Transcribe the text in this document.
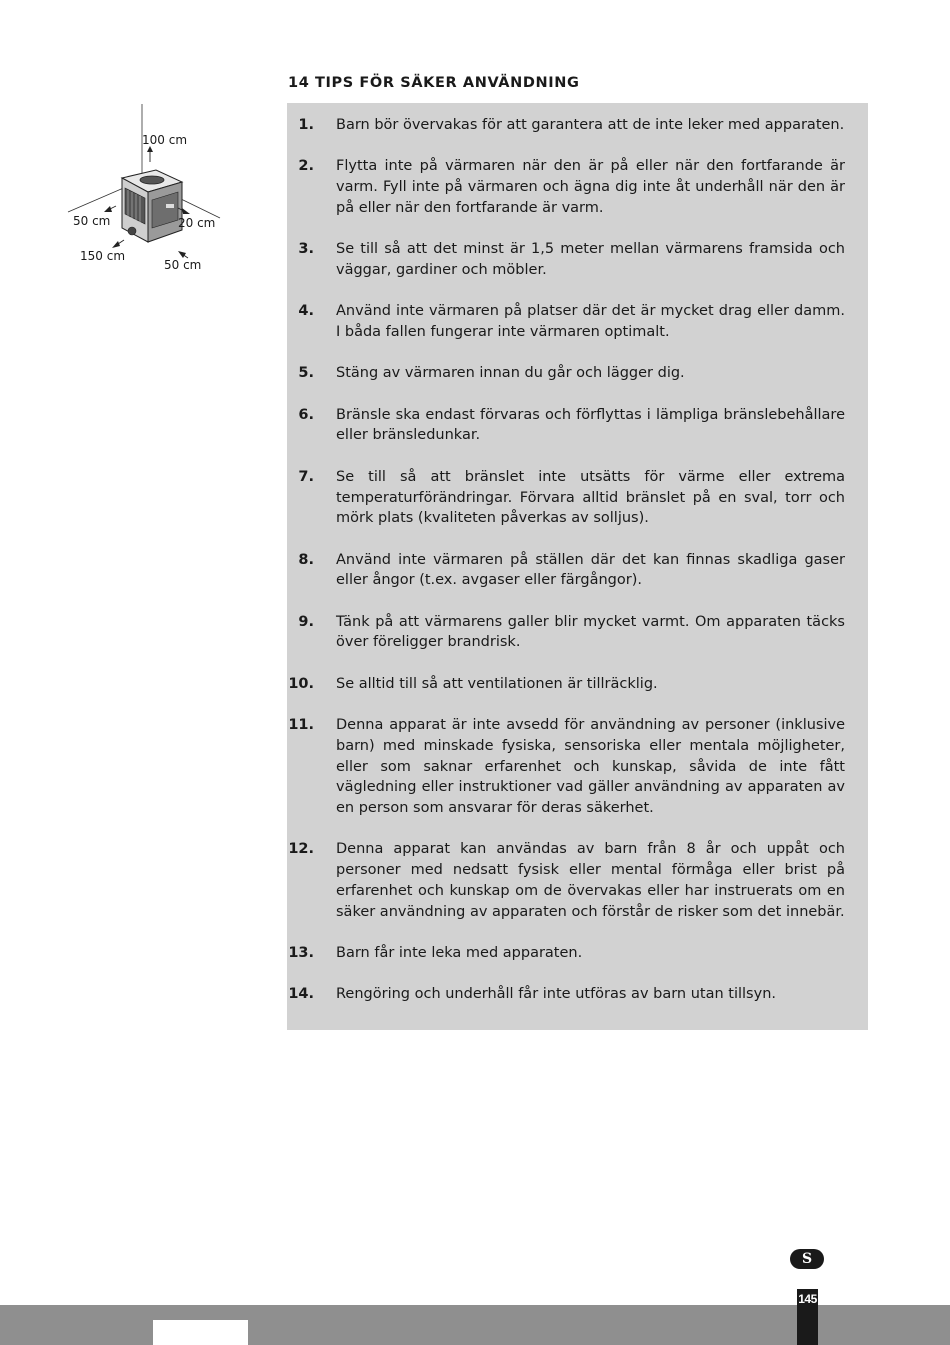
100 cm
50 cm	20 cm
150 cm
50 cm
14 TIPS FÖR SÄKER ANVÄNDNING
1. Barn bör övervakas för att garantera att de inte leker med apparaten.
2. Flytta inte på värmaren när den är på eller när den fortfarande är varm. Fyll inte på värmaren och ägna dig inte åt underhåll när den är på eller när den fortfarande är varm.
3. Se till så att det minst är 1,5 meter mellan värmarens framsida och väggar, gardiner och möbler.
4. Använd inte värmaren på platser där det är mycket drag eller damm. I båda fallen fungerar inte värmaren optimalt.
5. Stäng av värmaren innan du går och lägger dig.
6. Bränsle ska endast förvaras och förflyttas i lämpliga bränslebehållare eller bränsledunkar.
7. Se till så att bränslet inte utsätts för värme eller extrema temperaturförändringar. Förvara alltid bränslet på en sval, torr och mörk plats (kvaliteten påverkas av solljus).
8. Använd inte värmaren på ställen där det kan finnas skadliga gaser eller ångor (t.ex. avgaser eller färgångor).
9. Tänk på att värmarens galler blir mycket varmt. Om apparaten täcks över föreligger brandrisk.
10. Se alltid till så att ventilationen är tillräcklig.
11. Denna apparat är inte avsedd för användning av personer (inklusive barn) med minskade fysiska, sensoriska eller mentala möjligheter, eller som saknar erfarenhet och kunskap, såvida de inte fått vägledning eller instruktioner vad gäller användning av apparaten av en person som ansvarar för deras säkerhet.
12. Denna apparat kan användas av barn från 8 år och uppåt och personer med nedsatt fysisk eller mental förmåga eller brist på erfarenhet och kunskap om de övervakas eller har instruerats om en säker användning av apparaten och förstår de risker som det innebär.
13. Barn får inte leka med apparaten.
14. Rengöring och underhåll får inte utföras av barn utan tillsyn.
S
145
